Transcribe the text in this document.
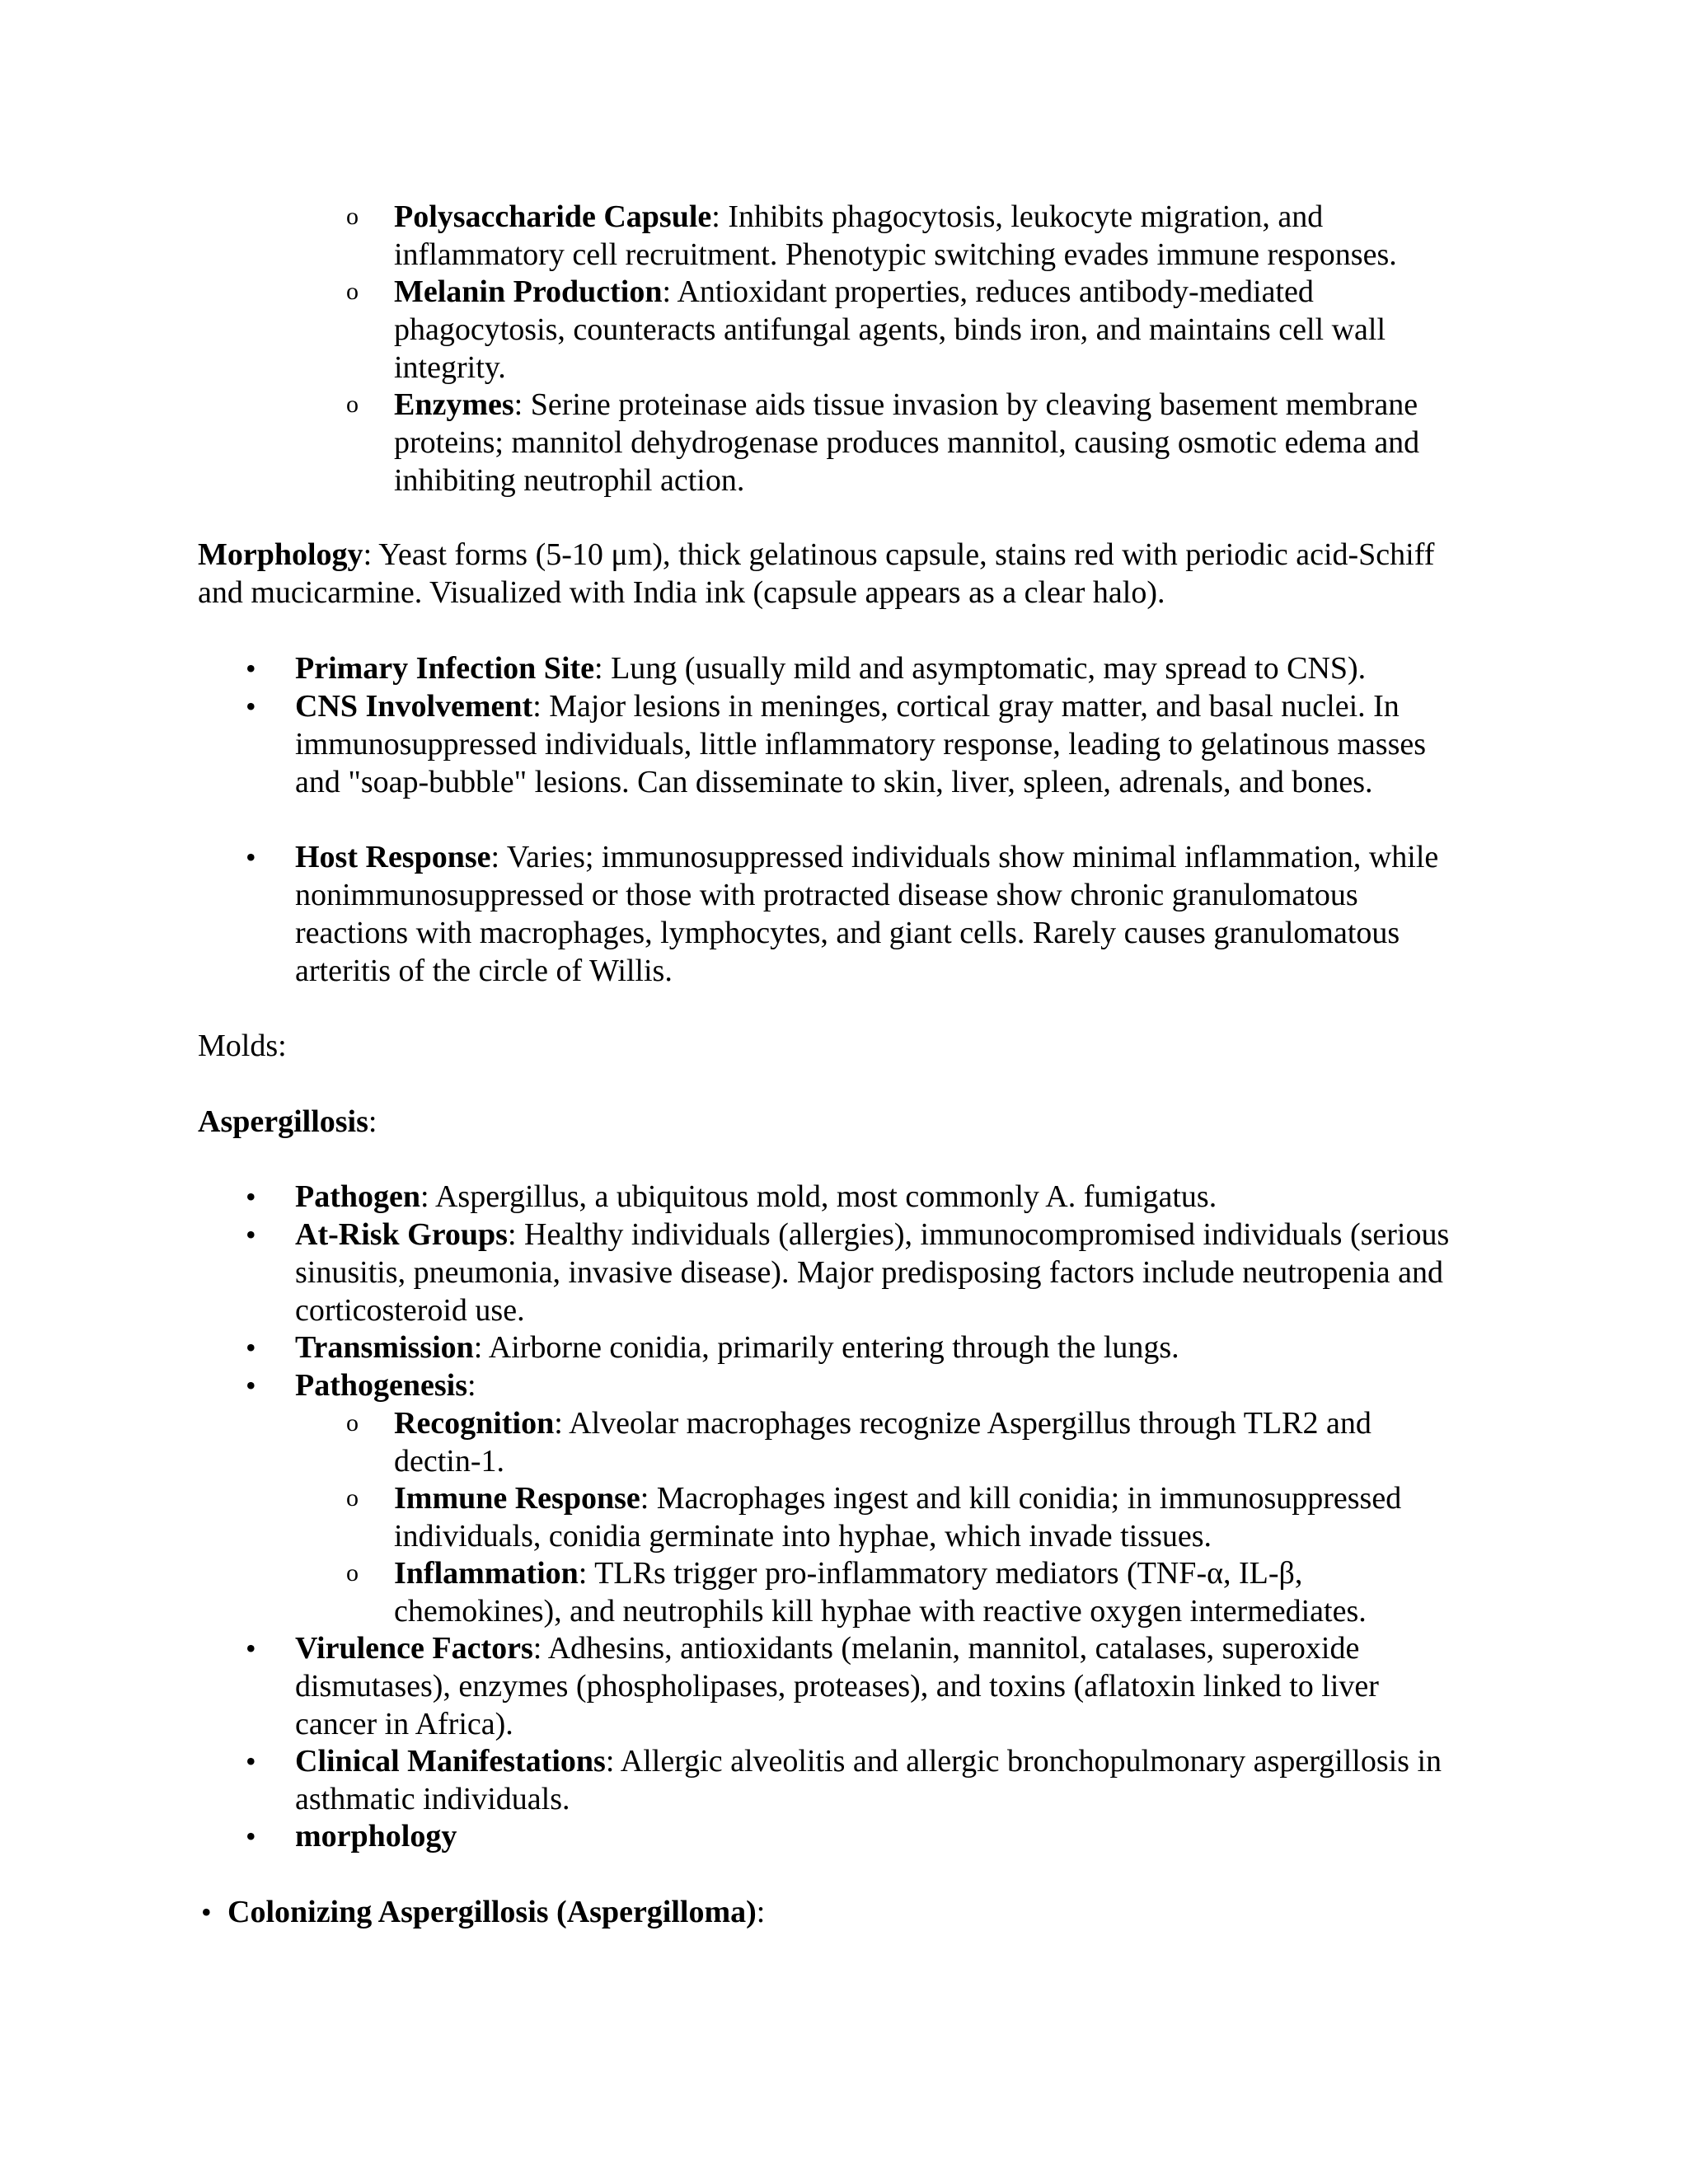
o Polysaccharide Capsule: Inhibits phagocytosis, leukocyte migration, and inflammatory cell recruitment. Phenotypic switching evades immune responses.

o Melanin Production: Antioxidant properties, reduces antibody-mediated phagocytosis, counteracts antifungal agents, binds iron, and maintains cell wall integrity.

o Enzymes: Serine proteinase aids tissue invasion by cleaving basement membrane proteins; mannitol dehydrogenase produces mannitol, causing osmotic edema and inhibiting neutrophil action.

Morphology: Yeast forms (5-10 μm), thick gelatinous capsule, stains red with periodic acid-Schiff and mucicarmine. Visualized with India ink (capsule appears as a clear halo).

• Primary Infection Site: Lung (usually mild and asymptomatic, may spread to CNS).

• CNS Involvement: Major lesions in meninges, cortical gray matter, and basal nuclei. In immunosuppressed individuals, little inflammatory response, leading to gelatinous masses and "soap-bubble" lesions. Can disseminate to skin, liver, spleen, adrenals, and bones.

• Host Response: Varies; immunosuppressed individuals show minimal inflammation, while nonimmunosuppressed or those with protracted disease show chronic granulomatous reactions with macrophages, lymphocytes, and giant cells. Rarely causes granulomatous arteritis of the circle of Willis.

Molds:

Aspergillosis:

• Pathogen: Aspergillus, a ubiquitous mold, most commonly A. fumigatus.

• At-Risk Groups: Healthy individuals (allergies), immunocompromised individuals (serious sinusitis, pneumonia, invasive disease). Major predisposing factors include neutropenia and corticosteroid use.

• Transmission: Airborne conidia, primarily entering through the lungs.

• Pathogenesis:

o Recognition: Alveolar macrophages recognize Aspergillus through TLR2 and dectin-1.

o Immune Response: Macrophages ingest and kill conidia; in immunosuppressed individuals, conidia germinate into hyphae, which invade tissues.

o Inflammation: TLRs trigger pro-inflammatory mediators (TNF-α, IL-β, chemokines), and neutrophils kill hyphae with reactive oxygen intermediates.

• Virulence Factors: Adhesins, antioxidants (melanin, mannitol, catalases, superoxide dismutases), enzymes (phospholipases, proteases), and toxins (aflatoxin linked to liver cancer in Africa).

• Clinical Manifestations: Allergic alveolitis and allergic bronchopulmonary aspergillosis in asthmatic individuals.

• morphology

• Colonizing Aspergillosis (Aspergilloma):
